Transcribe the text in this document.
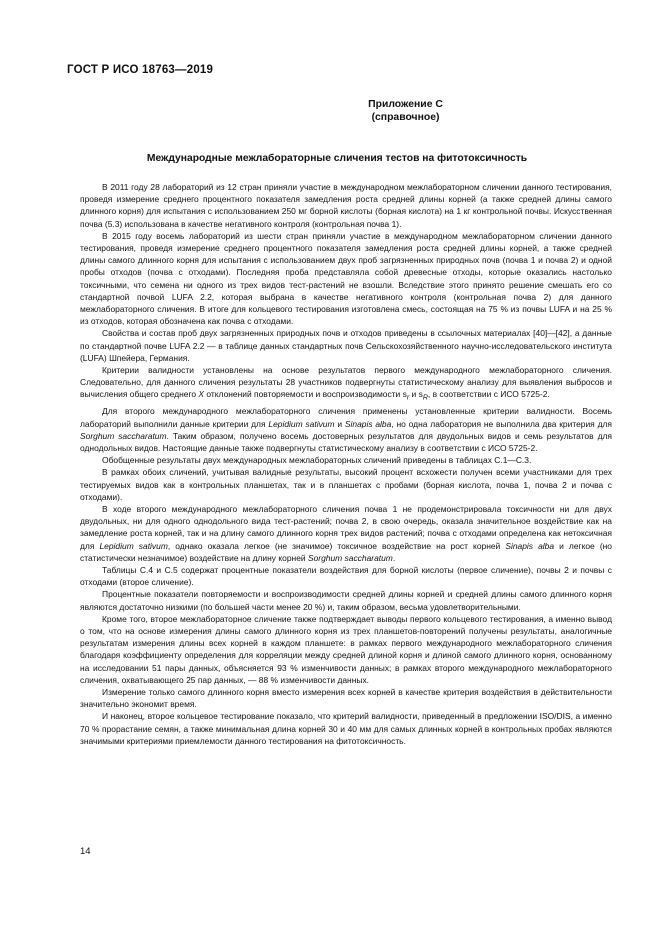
ГОСТ Р ИСО 18763—2019
Приложение С
(справочное)
Международные межлабораторные сличения тестов на фитотоксичность

В 2011 году 28 лабораторий из 12 стран приняли участие в международном межлабораторном сличении данного тестирования, проведя измерение среднего процентного показателя замедления роста средней длины корней (а также средней длины самого длинного корня) для испытания с использованием 250 мг борной кислоты (борная кислота) на 1 кг контрольной почвы. Искусственная почва (5.3) использована в качестве негативного контроля (контрольная почва 1).

В 2015 году восемь лабораторий из шести стран приняли участие в международном межлабораторном сличении данного тестирования, проведя измерение среднего процентного показателя замедления роста средней длины корней, а также средней длины самого длинного корня для испытания с использованием двух проб загрязненных природных почв (почва 1 и почва 2) и одной пробы отходов (почва с отходами). Последняя проба представляла собой древесные отходы, которые оказались настолько токсичными, что семена ни одного из трех видов тест-растений не взошли. Вследствие этого принято решение смешать его со стандартной почвой LUFA 2.2, которая выбрана в качестве негативного контроля (контрольная почва 2) для данного межлабораторного сличения. В итоге для кольцевого тестирования изготовлена смесь, состоящая на 75 % из почвы LUFA и на 25 % из отходов, которая обозначена как почва с отходами.

Свойства и состав проб двух загрязненных природных почв и отходов приведены в ссылочных материалах [40]—[42], а данные по стандартной почве LUFA 2.2 — в таблице данных стандартных почв Сельскохозяйственного научно-исследовательского института (LUFA) Шпейера, Германия.

Критерии валидности установлены на основе результатов первого международного межлабораторного сличения. Следовательно, для данного сличения результаты 28 участников подвергнуты статистическому анализу для выявления выбросов и вычисления общего среднего X отклонений повторяемости и воспроизводимости $s_r$ и $s_R$, в соответствии с ИСО 5725-2.

Для второго международного межлабораторного сличения применены установленные критерии валидности. Восемь лабораторий выполнили данные критерии для Lepidium sativum и Sinapis alba, но одна лаборатория не выполнила два критерия для Sorghum saccharatum. Таким образом, получено восемь достоверных результатов для двудольных видов и семь результатов для однодольных видов. Настоящие данные также подвергнуты статистическому анализу в соответствии с ИСО 5725-2.

Обобщенные результаты двух международных межлабораторных сличений приведены в таблицах С.1—С.3.

В рамках обоих сличений, учитывая валидные результаты, высокий процент всхожести получен всеми участниками для трех тестируемых видов как в контрольных планшетах, так и в планшетах с пробами (борная кислота, почва 1, почва 2 и почва с отходами).

В ходе второго международного межлабораторного сличения почва 1 не продемонстрировала токсичности ни для двух двудольных, ни для одного однодольного вида тест-растений; почва 2, в свою очередь, оказала значительное воздействие как на замедление роста корней, так и на длину самого длинного корня трех видов растений; почва с отходами определена как нетоксичная для Lepidium sativum, однако оказала легкое (не значимое) токсичное воздействие на рост корней Sinapis alba и легкое (но статистически незначимое) воздействие на длину корней Sorghum saccharatum.

Таблицы С.4 и С.5 содержат процентные показатели воздействия для борной кислоты (первое сличение), почвы 2 и почвы с отходами (второе сличение).

Процентные показатели повторяемости и воспроизводимости средней длины корней и средней длины самого длинного корня являются достаточно низкими (по большей части менее 20 %) и, таким образом, весьма удовлетворительными.

Кроме того, второе межлабораторное сличение также подтверждает выводы первого кольцевого тестирования, а именно вывод о том, что на основе измерения длины самого длинного корня из трех планшетов-повторений получены результаты, аналогичные результатам измерения длины всех корней в каждом планшете: в рамках первого международного межлабораторного сличения благодаря коэффициенту определения для корреляции между средней длиной корня и длиной самого длинного корня, основанному на исследовании 51 пары данных, объясняется 93 % изменчивости данных; в рамках второго международного межлабораторного сличения, охватывающего 25 пар данных, — 88 % изменчивости данных.

Измерение только самого длинного корня вместо измерения всех корней в качестве критерия воздействия в действительности значительно экономит время.

И наконец, второе кольцевое тестирование показало, что критерий валидности, приведенный в предложении ISO/DIS, а именно 70 % прорастание семян, а также минимальная длина корней 30 и 40 мм для самых длинных корней в контрольных пробах являются значимыми критериями приемлемости данного тестирования на фитотоксичность.

14
